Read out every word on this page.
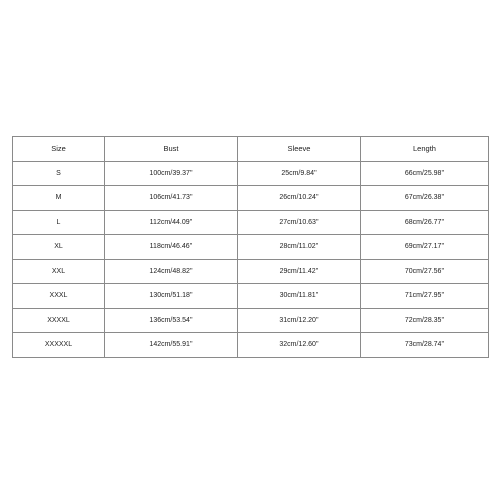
Size	Bust	Sleeve	Length
S	100cm/39.37''	25cm/9.84''	66cm/25.98''
M	106cm/41.73''	26cm/10.24''	67cm/26.38''
L	112cm/44.09''	27cm/10.63''	68cm/26.77''
XL	118cm/46.46''	28cm/11.02''	69cm/27.17''
XXL	124cm/48.82''	29cm/11.42''	70cm/27.56''
XXXL	130cm/51.18''	30cm/11.81''	71cm/27.95''
XXXXL	136cm/53.54''	31cm/12.20''	72cm/28.35''
XXXXXL	142cm/55.91''	32cm/12.60''	73cm/28.74''
